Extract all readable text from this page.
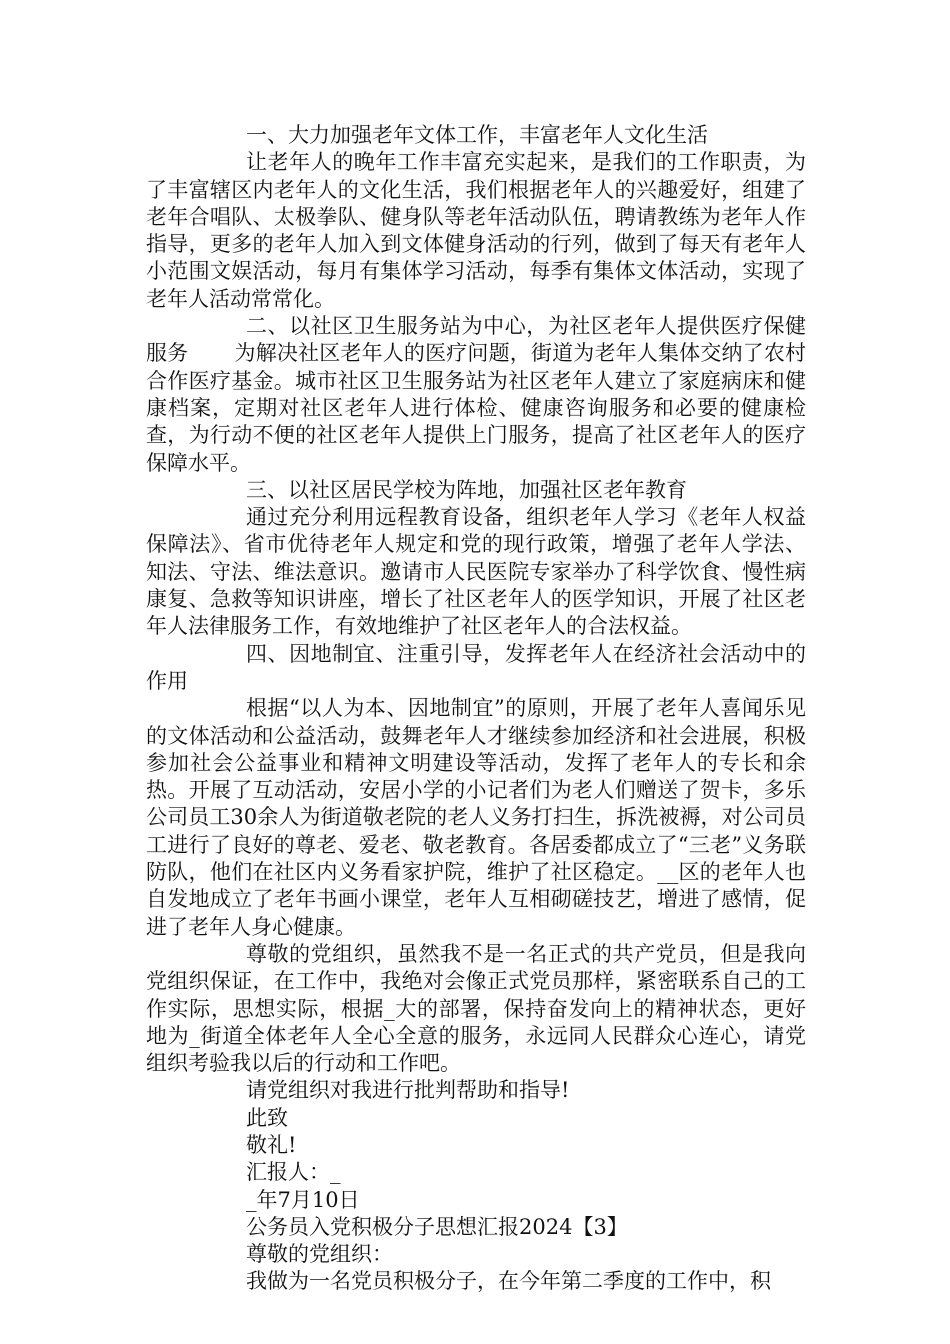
一、大力加强老年文体工作，丰富老年人文化生活

让老年人的晚年工作丰富充实起来，是我们的工作职责，为了丰富辖区内老年人的文化生活，我们根据老年人的兴趣爱好，组建了老年合唱队、太极拳队、健身队等老年活动队伍，聘请教练为老年人作指导，更多的老年人加入到文体健身活动的行列，做到了每天有老年人小范围文娱活动，每月有集体学习活动，每季有集体文体活动，实现了老年人活动常常化。

二、以社区卫生服务站为中心，为社区老年人提供医疗保健服务 为解决社区老年人的医疗问题，街道为老年人集体交纳了农村合作医疗基金。城市社区卫生服务站为社区老年人建立了家庭病床和健康档案，定期对社区老年人进行体检、健康咨询服务和必要的健康检查，为行动不便的社区老年人提供上门服务，提高了社区老年人的医疗保障水平。

三、以社区居民学校为阵地，加强社区老年教育

通过充分利用远程教育设备，组织老年人学习《老年人权益保障法》、省市优待老年人规定和党的现行政策，增强了老年人学法、知法、守法、维法意识。邀请市人民医院专家举办了科学饮食、慢性病康复、急救等知识讲座，增长了社区老年人的医学知识，开展了社区老年人法律服务工作，有效地维护了社区老年人的合法权益。

四、因地制宜、注重引导，发挥老年人在经济社会活动中的作用

根据“以人为本、因地制宜”的原则，开展了老年人喜闻乐见的文体活动和公益活动，鼓舞老年人才继续参加经济和社会进展，积极参加社会公益事业和精神文明建设等活动，发挥了老年人的专长和余热。开展了互动活动，安居小学的小记者们为老人们赠送了贺卡，多乐公司员工30余人为街道敬老院的老人义务打扫生，拆洗被褥，对公司员工进行了良好的尊老、爱老、敬老教育。各居委都成立了“三老”义务联防队，他们在社区内义务看家护院，维护了社区稳定。__区的老年人也自发地成立了老年书画小课堂，老年人互相砌磋技艺，增进了感情，促进了老年人身心健康。

尊敬的党组织，虽然我不是一名正式的共产党员，但是我向党组织保证，在工作中，我绝对会像正式党员那样，紧密联系自己的工作实际，思想实际，根据_大的部署，保持奋发向上的精神状态，更好地为_街道全体老年人全心全意的服务，永远同人民群众心连心，请党组织考验我以后的行动和工作吧。

请党组织对我进行批判帮助和指导!

此致

敬礼!

汇报人：_

_年7月10日

公务员入党积极分子思想汇报2024【3】

尊敬的党组织：

我做为一名党员积极分子，在今年第二季度的工作中，积
